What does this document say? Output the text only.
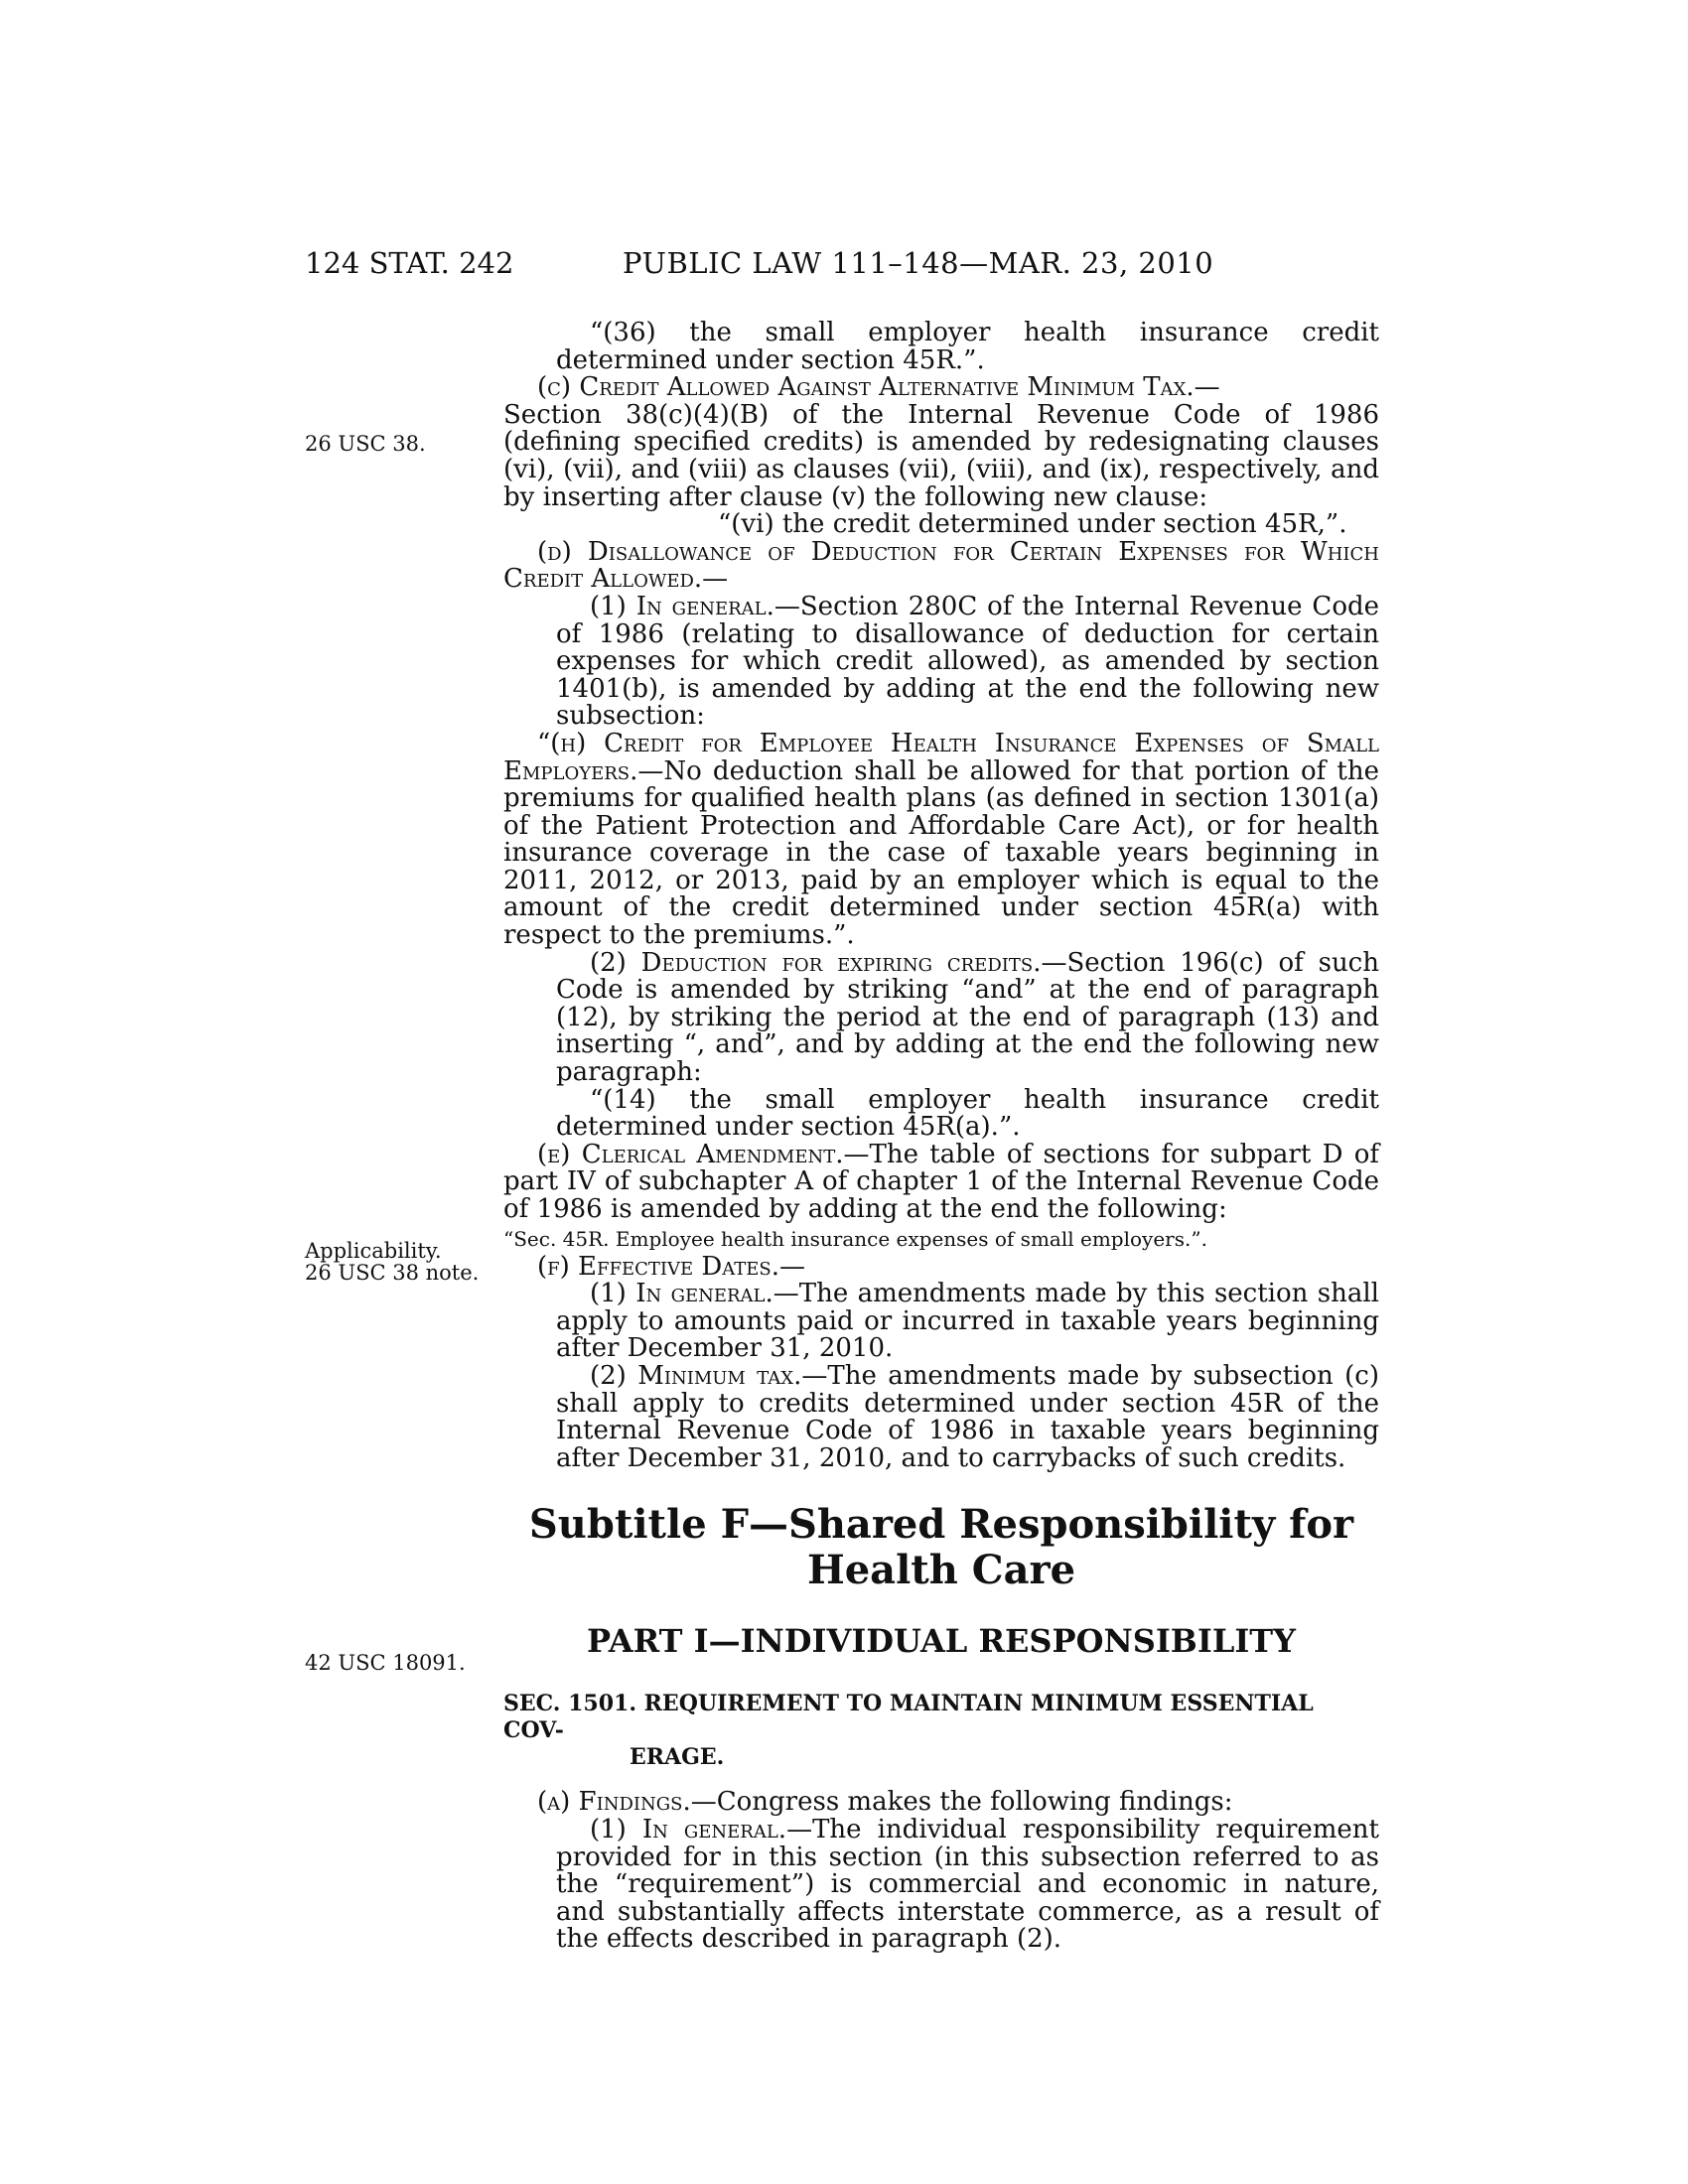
124 STAT. 242	PUBLIC LAW 111–148—MAR. 23, 2010
26 USC 38.
Applicability.
26 USC 38 note.
42 USC 18091.

“(36) the small employer health insurance credit determined under section 45R.”.

(c) Credit Allowed Against Alternative Minimum Tax.—

Section 38(c)(4)(B) of the Internal Revenue Code of 1986 (defining specified credits) is amended by redesignating clauses (vi), (vii), and (viii) as clauses (vii), (viii), and (ix), respectively, and by inserting after clause (v) the following new clause:

“(vi) the credit determined under section 45R,”.

(d) Disallowance of Deduction for Certain Expenses for Which Credit Allowed.—

(1) In general.—Section 280C of the Internal Revenue Code of 1986 (relating to disallowance of deduction for certain expenses for which credit allowed), as amended by section 1401(b), is amended by adding at the end the following new subsection:

“(h) Credit for Employee Health Insurance Expenses of Small Employers.—No deduction shall be allowed for that portion of the premiums for qualified health plans (as defined in section 1301(a) of the Patient Protection and Affordable Care Act), or for health insurance coverage in the case of taxable years beginning in 2011, 2012, or 2013, paid by an employer which is equal to the amount of the credit determined under section 45R(a) with respect to the premiums.”.

(2) Deduction for expiring credits.—Section 196(c) of such Code is amended by striking “and” at the end of paragraph (12), by striking the period at the end of paragraph (13) and inserting “, and”, and by adding at the end the following new paragraph:

“(14) the small employer health insurance credit determined under section 45R(a).”.

(e) Clerical Amendment.—The table of sections for subpart D of part IV of subchapter A of chapter 1 of the Internal Revenue Code of 1986 is amended by adding at the end the following:

“Sec. 45R. Employee health insurance expenses of small employers.”.

(f) Effective Dates.—

(1) In general.—The amendments made by this section shall apply to amounts paid or incurred in taxable years beginning after December 31, 2010.

(2) Minimum tax.—The amendments made by subsection (c) shall apply to credits determined under section 45R of the Internal Revenue Code of 1986 in taxable years beginning after December 31, 2010, and to carrybacks of such credits.

Subtitle F—Shared Responsibility for Health Care
PART I—INDIVIDUAL RESPONSIBILITY
SEC. 1501. REQUIREMENT TO MAINTAIN MINIMUM ESSENTIAL COV-
ERAGE.

(a) Findings.—Congress makes the following findings:

(1) In general.—The individual responsibility requirement provided for in this section (in this subsection referred to as the “requirement”) is commercial and economic in nature, and substantially affects interstate commerce, as a result of the effects described in paragraph (2).
